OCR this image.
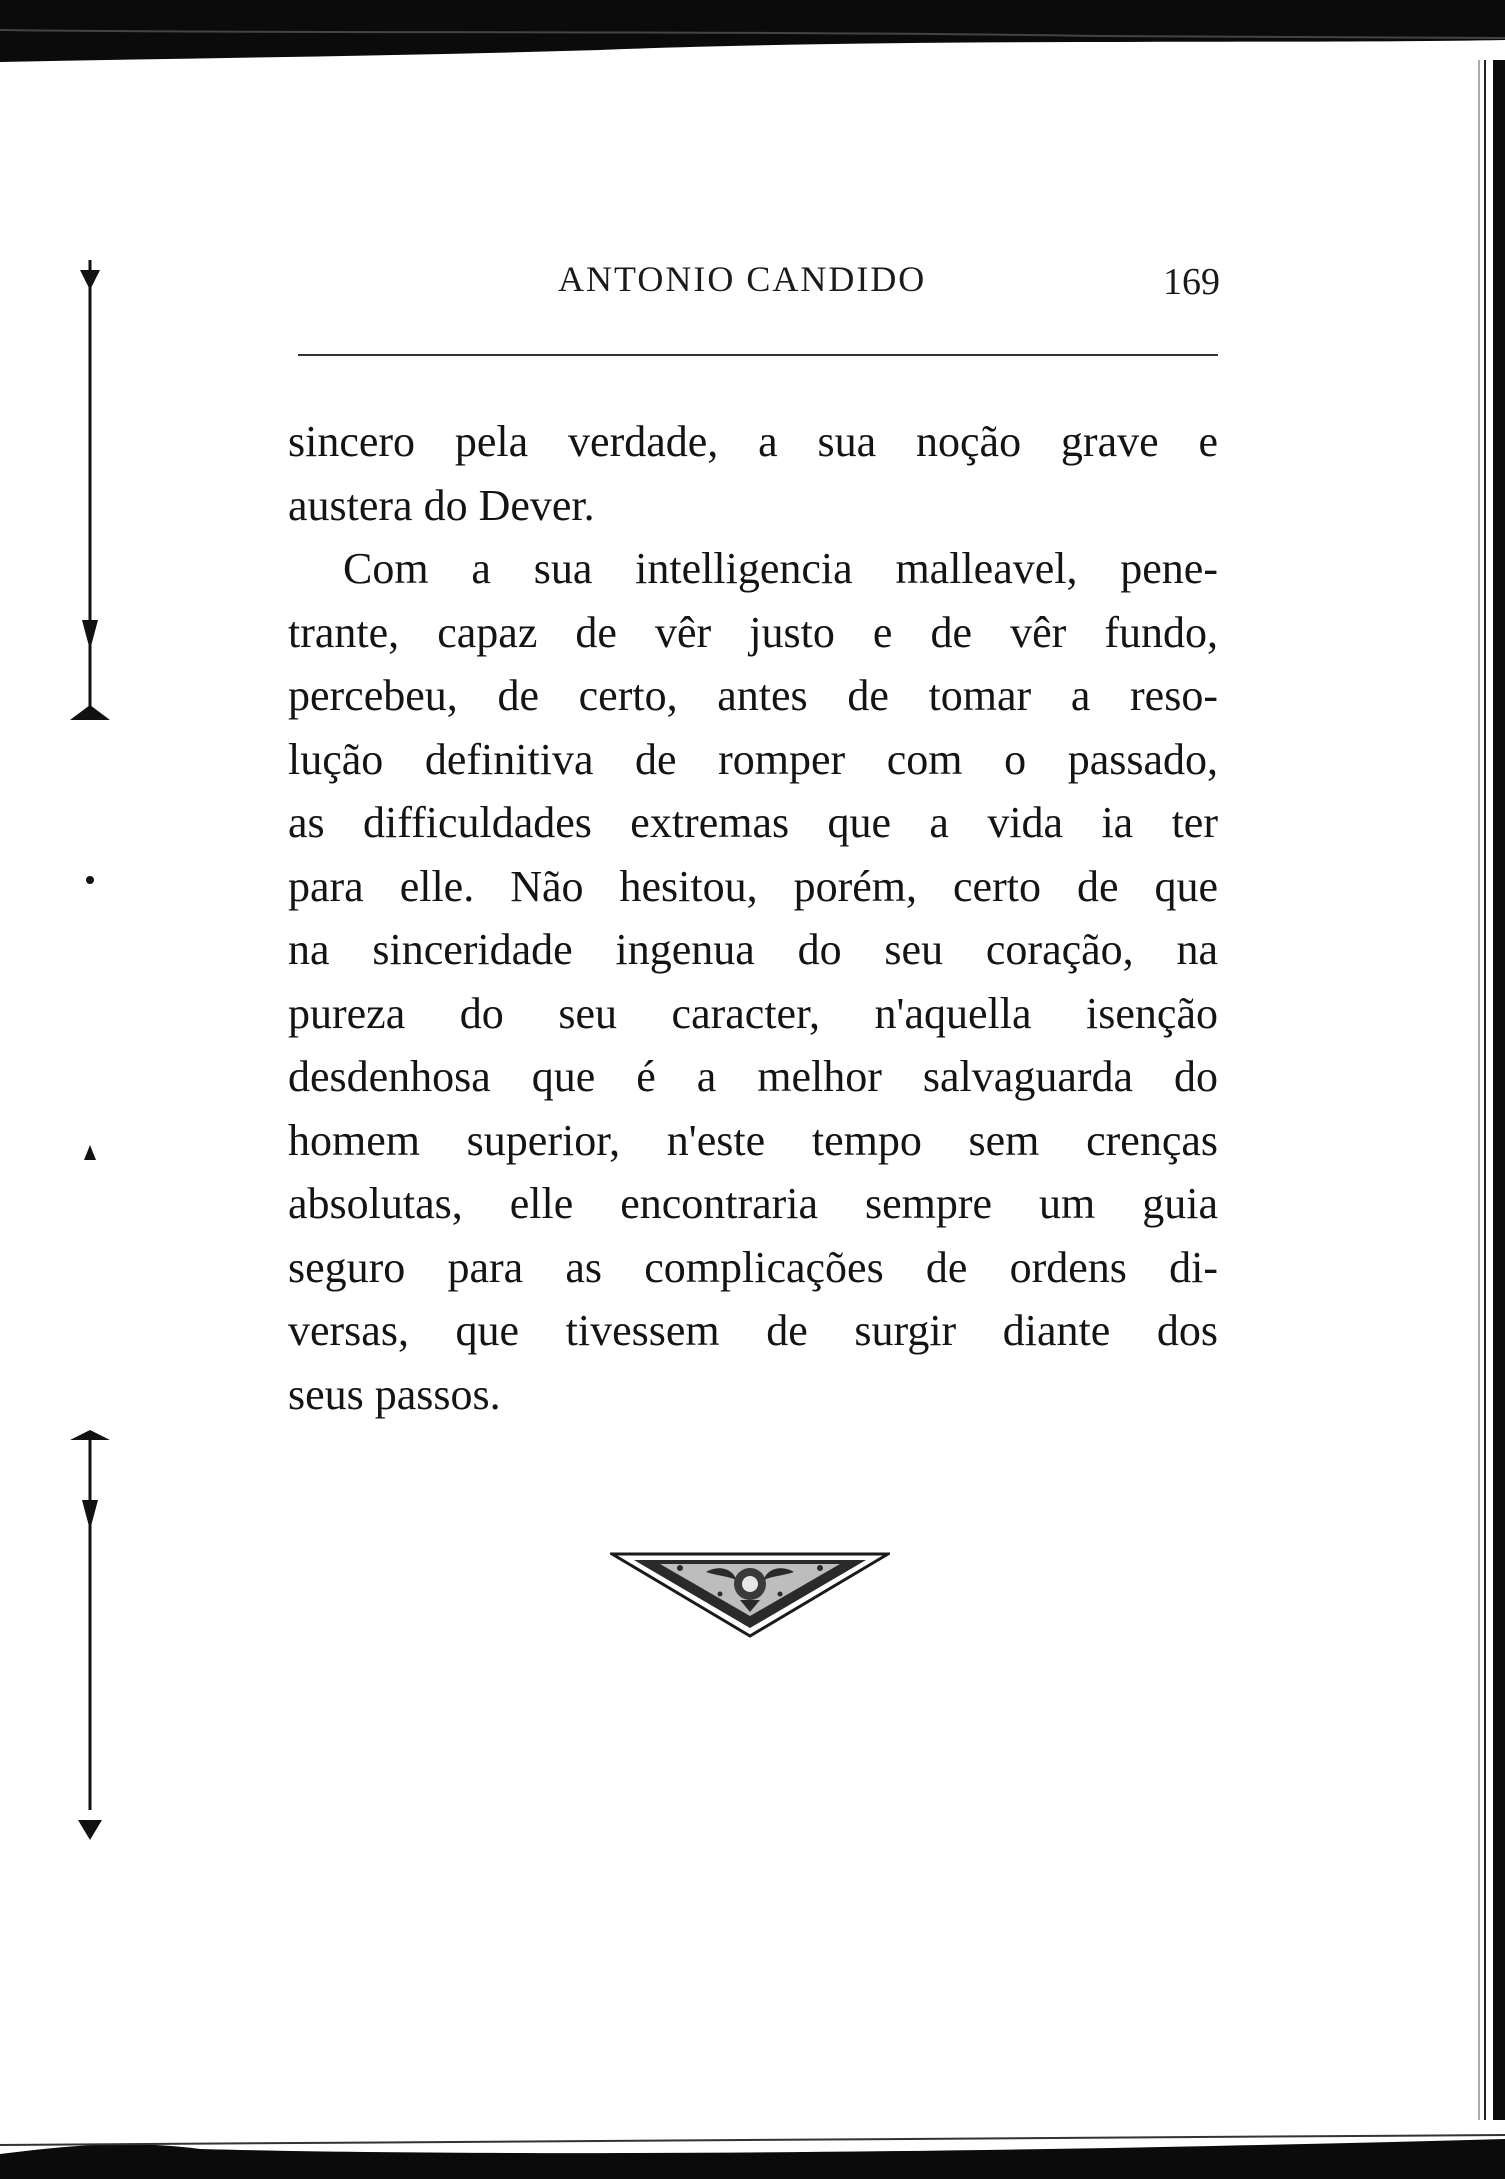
ANTONIO CANDIDO	169
sincero pela verdade, a sua noção grave e
austera do Dever.
Com a sua intelligencia malleavel, pene-
trante, capaz de vêr justo e de vêr fundo,
percebeu, de certo, antes de tomar a reso-
lução definitiva de romper com o passado,
as difficuldades extremas que a vida ia ter
para elle. Não hesitou, porém, certo de que
na sinceridade ingenua do seu coração, na
pureza do seu caracter, n'aquella isenção
desdenhosa que é a melhor salvaguarda do
homem superior, n'este tempo sem crenças
absolutas, elle encontraria sempre um guia
seguro para as complicações de ordens di-
versas, que tivessem de surgir diante dos
seus passos.
